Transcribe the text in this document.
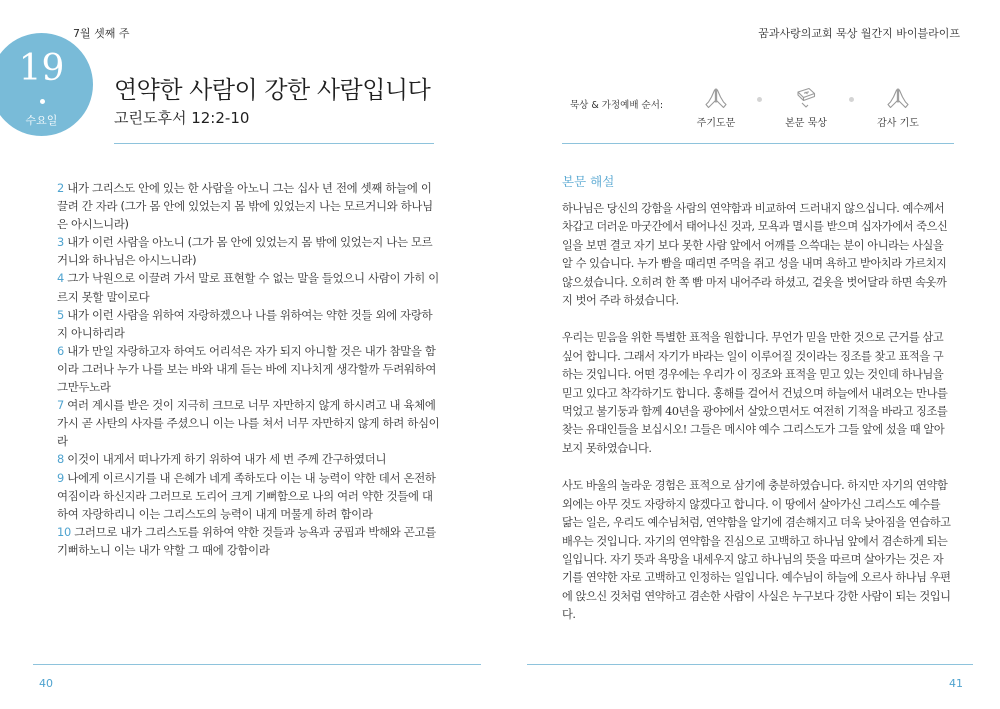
7월 셋째 주	꿈과사랑의교회 묵상 월간지 바이블라이프
19
수요일
연약한 사람이 강한 사람입니다
고린도후서 12:2-10
2 내가 그리스도 안에 있는 한 사람을 아노니 그는 십사 년 전에 셋째 하늘에 이끌려 간 자라 (그가 몸 안에 있었는지 몸 밖에 있었는지 나는 모르거니와 하나님은 아시느니라)
3 내가 이런 사람을 아노니 (그가 몸 안에 있었는지 몸 밖에 있었는지 나는 모르거니와 하나님은 아시느니라)
4 그가 낙원으로 이끌려 가서 말로 표현할 수 없는 말을 들었으니 사람이 가히 이르지 못할 말이로다
5 내가 이런 사람을 위하여 자랑하겠으나 나를 위하여는 약한 것들 외에 자랑하지 아니하리라
6 내가 만일 자랑하고자 하여도 어리석은 자가 되지 아니할 것은 내가 참말을 함이라 그러나 누가 나를 보는 바와 내게 듣는 바에 지나치게 생각할까 두려워하여 그만두노라
7 여러 계시를 받은 것이 지극히 크므로 너무 자만하지 않게 하시려고 내 육체에 가시 곧 사탄의 사자를 주셨으니 이는 나를 쳐서 너무 자만하지 않게 하려 하심이라
8 이것이 내게서 떠나가게 하기 위하여 내가 세 번 주께 간구하였더니
9 나에게 이르시기를 내 은혜가 네게 족하도다 이는 내 능력이 약한 데서 온전하여짐이라 하신지라 그러므로 도리어 크게 기뻐함으로 나의 여러 약한 것들에 대하여 자랑하리니 이는 그리스도의 능력이 내게 머물게 하려 함이라
10 그러므로 내가 그리스도를 위하여 약한 것들과 능욕과 궁핍과 박해와 곤고를 기뻐하노니 이는 내가 약할 그 때에 강함이라
묵상 & 가정예배 순서:
주기도문	본문 묵상	감사 기도
본문 해설

하나님은 당신의 강함을 사람의 연약함과 비교하여 드러내지 않으십니다. 예수께서 차갑고 더러운 마굿간에서 태어나신 것과, 모욕과 멸시를 받으며 십자가에서 죽으신 일을 보면 결코 자기 보다 못한 사람 앞에서 어깨를 으쓱대는 분이 아니라는 사실을 알 수 있습니다. 누가 빰을 때리면 주먹을 쥐고 성을 내며 욕하고 받아치라 가르치지 않으셨습니다. 오히려 한 쪽 빰 마저 내어주라 하셨고, 겉옷을 벗어달라 하면 속옷까지 벗어 주라 하셨습니다.

우리는 믿음을 위한 특별한 표적을 원합니다. 무언가 믿을 만한 것으로 근거를 삼고 싶어 합니다. 그래서 자기가 바라는 일이 이루어질 것이라는 징조를 찾고 표적을 구하는 것입니다. 어떤 경우에는 우리가 이 징조와 표적을 믿고 있는 것인데 하나님을 믿고 있다고 착각하기도 합니다. 홍해를 걸어서 건넜으며 하늘에서 내려오는 만나를 먹었고 불기둥과 함께 40년을 광야에서 살았으면서도 여전히 기적을 바라고 징조를 찾는 유대인들을 보십시오! 그들은 메시야 예수 그리스도가 그들 앞에 섰을 때 알아 보지 못하였습니다.

사도 바울의 놀라운 경험은 표적으로 삼기에 충분하였습니다. 하지만 자기의 연약함 외에는 아무 것도 자랑하지 않겠다고 합니다. 이 땅에서 살아가신 그리스도 예수를 닮는 일은, 우리도 예수님처럼, 연약함을 알기에 겸손해지고 더욱 낮아짐을 연습하고 배우는 것입니다. 자기의 연약함을 진심으로 고백하고 하나님 앞에서 겸손하게 되는 일입니다. 자기 뜻과 욕망을 내세우지 않고 하나님의 뜻을 따르며 살아가는 것은 자기를 연약한 자로 고백하고 인정하는 일입니다. 예수님이 하늘에 오르사 하나님 우편에 앉으신 것처럼 연약하고 겸손한 사람이 사실은 누구보다 강한 사람이 되는 것입니다.

40	41
